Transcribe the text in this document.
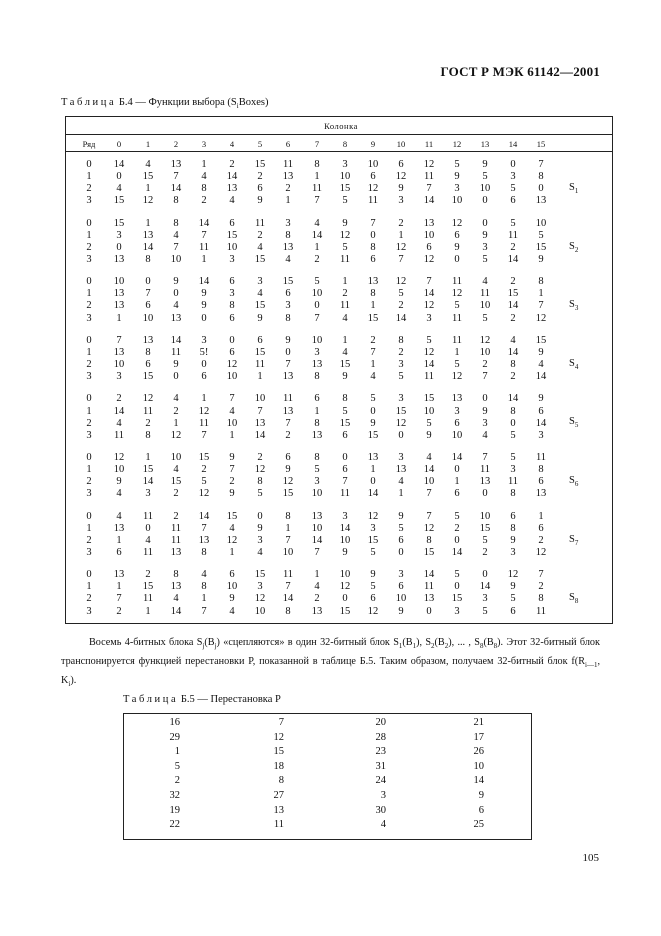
ГОСТ Р МЭК 61142—2001
Таблица Б.4 — Функции выбора $(S_iBoxes)$
Колонка
Ряд	0	1	2	3	4	5	6	7	8	9	10	11	12	13	14	15
0	14	4	13	1	2	15	11	8	3	10	6	12	5	9	0	7
1	0	15	7	4	14	2	13	1	10	6	12	11	9	5	3	8
2	4	1	14	8	13	6	2	11	15	12	9	7	3	10	5	0
3	15	12	8	2	4	9	1	7	5	11	3	14	10	0	6	13
$S_1$
0	15	1	8	14	6	11	3	4	9	7	2	13	12	0	5	10
1	3	13	4	7	15	2	8	14	12	0	1	10	6	9	11	5
2	0	14	7	11	10	4	13	1	5	8	12	6	9	3	2	15
3	13	8	10	1	3	15	4	2	11	6	7	12	0	5	14	9
$S_2$
0	10	0	9	14	6	3	15	5	1	13	12	7	11	4	2	8
1	13	7	0	9	3	4	6	10	2	8	5	14	12	11	15	1
2	13	6	4	9	8	15	3	0	11	1	2	12	5	10	14	7
3	1	10	13	0	6	9	8	7	4	15	14	3	11	5	2	12
$S_3$
0	7	13	14	3	0	6	9	10	1	2	8	5	11	12	4	15
1	13	8	11	5!	6	15	0	3	4	7	2	12	1	10	14	9
2	10	6	9	0	12	11	7	13	15	1	3	14	5	2	8	4
3	3	15	0	6	10	1	13	8	9	4	5	11	12	7	2	14
$S_4$
0	2	12	4	1	7	10	11	6	8	5	3	15	13	0	14	9
1	14	11	2	12	4	7	13	1	5	0	15	10	3	9	8	6
2	4	2	1	11	10	13	7	8	15	9	12	5	6	3	0	14
3	11	8	12	7	1	14	2	13	6	15	0	9	10	4	5	3
$S_5$
0	12	1	10	15	9	2	6	8	0	13	3	4	14	7	5	11
1	10	15	4	2	7	12	9	5	6	1	13	14	0	11	3	8
2	9	14	15	5	2	8	12	3	7	0	4	10	1	13	11	6
3	4	3	2	12	9	5	15	10	11	14	1	7	6	0	8	13
$S_6$
0	4	11	2	14	15	0	8	13	3	12	9	7	5	10	6	1
1	13	0	11	7	4	9	1	10	14	3	5	12	2	15	8	6
2	1	4	11	13	12	3	7	14	10	15	6	8	0	5	9	2
3	6	11	13	8	1	4	10	7	9	5	0	15	14	2	3	12
$S_7$
0	13	2	8	4	6	15	11	1	10	9	3	14	5	0	12	7
1	1	15	13	8	10	3	7	4	12	5	6	11	0	14	9	2
2	7	11	4	1	9	12	14	2	0	6	10	13	15	3	5	8
3	2	1	14	7	4	10	8	13	15	12	9	0	3	5	6	11
$S_8$
Восемь 4-битных блока $S_j(B_j)$ «сцепляются» в один 32-битный блок $S_1(B_1)$, $S_2(B_2)$, ... , $S_8(B_8)$. Этот 32-битный блок транспонируется функцией перестановки P, показанной в таблице Б.5. Таким образом, получаем 32-битный блок $f(R_{i—1}$, $K_i$).
Таблица Б.5 — Перестановка P
16	7	20	21
29	12	28	17
1	15	23	26
5	18	31	10
2	8	24	14
32	27	3	9
19	13	30	6
22	11	4	25
105
